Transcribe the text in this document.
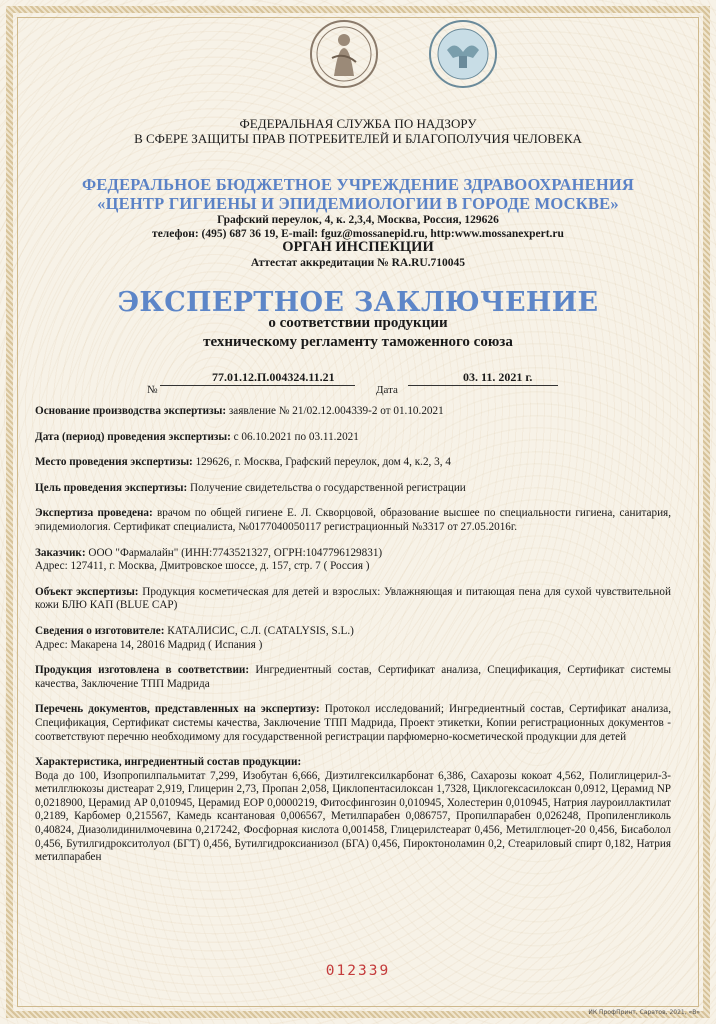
ФЕДЕРАЛЬНАЯ СЛУЖБА ПО НАДЗОРУ
В СФЕРЕ ЗАЩИТЫ ПРАВ ПОТРЕБИТЕЛЕЙ И БЛАГОПОЛУЧИЯ ЧЕЛОВЕКА
ФЕДЕРАЛЬНОЕ БЮДЖЕТНОЕ УЧРЕЖДЕНИЕ ЗДРАВООХРАНЕНИЯ
«ЦЕНТР ГИГИЕНЫ И ЭПИДЕМИОЛОГИИ В ГОРОДЕ МОСКВЕ»
Графский переулок, 4, к. 2,3,4, Москва, Россия, 129626
телефон: (495) 687 36 19, E-mail: fguz@mossanepid.ru, http:www.mossanexpert.ru
ОРГАН ИНСПЕКЦИИ
Аттестат аккредитации № RA.RU.710045
ЭКСПЕРТНОЕ ЗАКЛЮЧЕНИЕ
о соответствии продукции
техническому регламенту таможенного союза
77.01.12.П.004324.11.21	03. 11. 2021 г.
№	Дата

Основание производства экспертизы: заявление № 21/02.12.004339-2 от 01.10.2021

Дата (период) проведения экспертизы: с 06.10.2021 по 03.11.2021

Место проведения экспертизы: 129626, г. Москва, Графский переулок, дом 4, к.2, 3, 4

Цель проведения экспертизы: Получение свидетельства о государственной регистрации

Экспертиза проведена: врачом по общей гигиене Е. Л. Скворцовой, образование высшее по специальности гигиена, санитария, эпидемиология. Сертификат специалиста, №0177040050117 регистрационный №3317 от 27.05.2016г.

Заказчик: ООО "Фармалайн" (ИНН:7743521327, ОГРН:1047796129831)
Адрес: 127411, г. Москва, Дмитровское шоссе, д. 157, стр. 7 ( Россия )

Объект экспертизы: Продукция косметическая для детей и взрослых: Увлажняющая и питающая пена для сухой чувствительной кожи БЛЮ КАП (BLUE CAP)

Сведения о изготовителе: КАТАЛИСИС, С.Л. (CATALYSIS, S.L.)
Адрес: Макарена 14, 28016 Мадрид ( Испания )

Продукция изготовлена в соответствии: Ингредиентный состав, Сертификат анализа, Спецификация, Сертификат системы качества, Заключение ТПП Мадрида

Перечень документов, представленных на экспертизу: Протокол исследований; Ингредиентный состав, Сертификат анализа, Спецификация, Сертификат системы качества, Заключение ТПП Мадрида, Проект этикетки, Копии регистрационных документов - соответствуют перечню необходимому для государственной регистрации парфюмерно-косметической продукции для детей

Характеристика, ингредиентный состав продукции:
Вода до 100, Изопропилпальмитат 7,299, Изобутан 6,666, Диэтилгексилкарбонат 6,386, Сахарозы кокоат 4,562, Полиглицерил-3-метилглюкозы дистеарат 2,919, Глицерин 2,73, Пропан 2,058, Циклопентасилоксан 1,7328, Циклогексасилоксан 0,0912, Церамид NP 0,0218900, Церамид AP 0,010945, Церамид ЕОР 0,0000219, Фитосфингозин 0,010945, Холестерин 0,010945, Натрия лауроиллактилат 0,2189, Карбомер 0,215567, Камедь ксантановая 0,006567, Метилпарабен 0,086757, Пропилпарабен 0,026248, Пропиленгликоль 0,40824, Диазолидинилмочевина 0,217242, Фосфорная кислота 0,001458, Глицерилстеарат 0,456, Метилглюцет-20 0,456, Бисаболол 0,456, Бутилгидрокситолуол (БГТ) 0,456, Бутилгидроксианизол (БГА) 0,456, Пироктоноламин 0,2, Стеариловый спирт 0,182, Натрия метилпарабен

012339
ИК ПрофПринт, Саратов, 2021, «В»
